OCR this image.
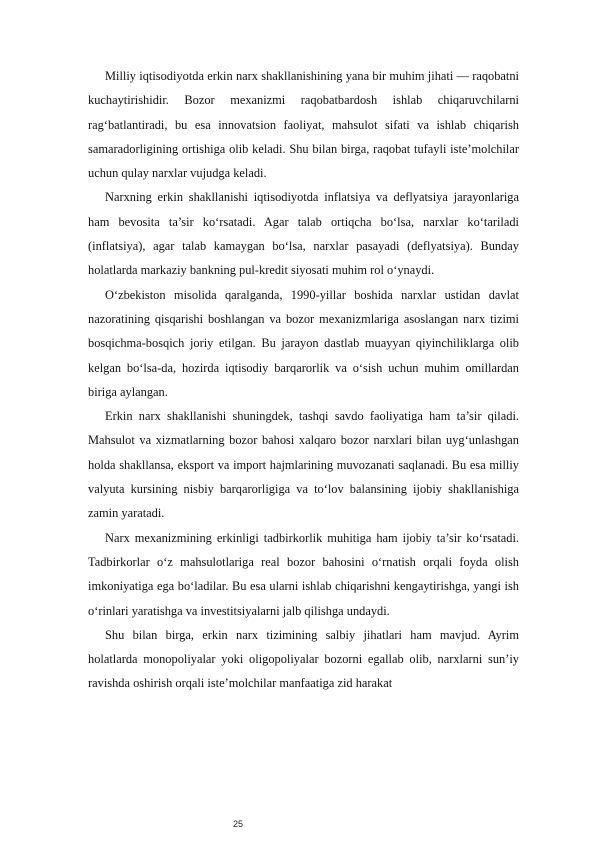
Milliy iqtisodiyotda erkin narx shakllanishining yana bir muhim jihati — raqobatni kuchaytirishidir. Bozor mexanizmi raqobatbardosh ishlab chiqaruvchilarni rag‘batlantiradi, bu esa innovatsion faoliyat, mahsulot sifati va ishlab chiqarish samaradorligining ortishiga olib keladi. Shu bilan birga, raqobat tufayli iste’molchilar uchun qulay narxlar vujudga keladi.

Narxning erkin shakllanishi iqtisodiyotda inflatsiya va deflyatsiya jarayonlariga ham bevosita ta’sir ko‘rsatadi. Agar talab ortiqcha bo‘lsa, narxlar ko‘tariladi (inflatsiya), agar talab kamaygan bo‘lsa, narxlar pasayadi (deflyatsiya). Bunday holatlarda markaziy bankning pul-kredit siyosati muhim rol o‘ynaydi.

O‘zbekiston misolida qaralganda, 1990-yillar boshida narxlar ustidan davlat nazoratining qisqarishi boshlangan va bozor mexanizmlariga asoslangan narx tizimi bosqichma-bosqich joriy etilgan. Bu jarayon dastlab muayyan qiyinchiliklarga olib kelgan bo‘lsa-da, hozirda iqtisodiy barqarorlik va o‘sish uchun muhim omillardan biriga aylangan.

Erkin narx shakllanishi shuningdek, tashqi savdo faoliyatiga ham ta’sir qiladi. Mahsulot va xizmatlarning bozor bahosi xalqaro bozor narxlari bilan uyg‘unlashgan holda shakllansa, eksport va import hajmlarining muvozanati saqlanadi. Bu esa milliy valyuta kursining nisbiy barqarorligiga va to‘lov balansining ijobiy shakllanishiga zamin yaratadi.

Narx mexanizmining erkinligi tadbirkorlik muhitiga ham ijobiy ta’sir ko‘rsatadi. Tadbirkorlar o‘z mahsulotlariga real bozor bahosini o‘rnatish orqali foyda olish imkoniyatiga ega bo‘ladilar. Bu esa ularni ishlab chiqarishni kengaytirishga, yangi ish o‘rinlari yaratishga va investitsiyalarni jalb qilishga undaydi.

Shu bilan birga, erkin narx tizimining salbiy jihatlari ham mavjud. Ayrim holatlarda monopoliyalar yoki oligopoliyalar bozorni egallab olib, narxlarni sun’iy ravishda oshirish orqali iste’molchilar manfaatiga zid harakat

25
